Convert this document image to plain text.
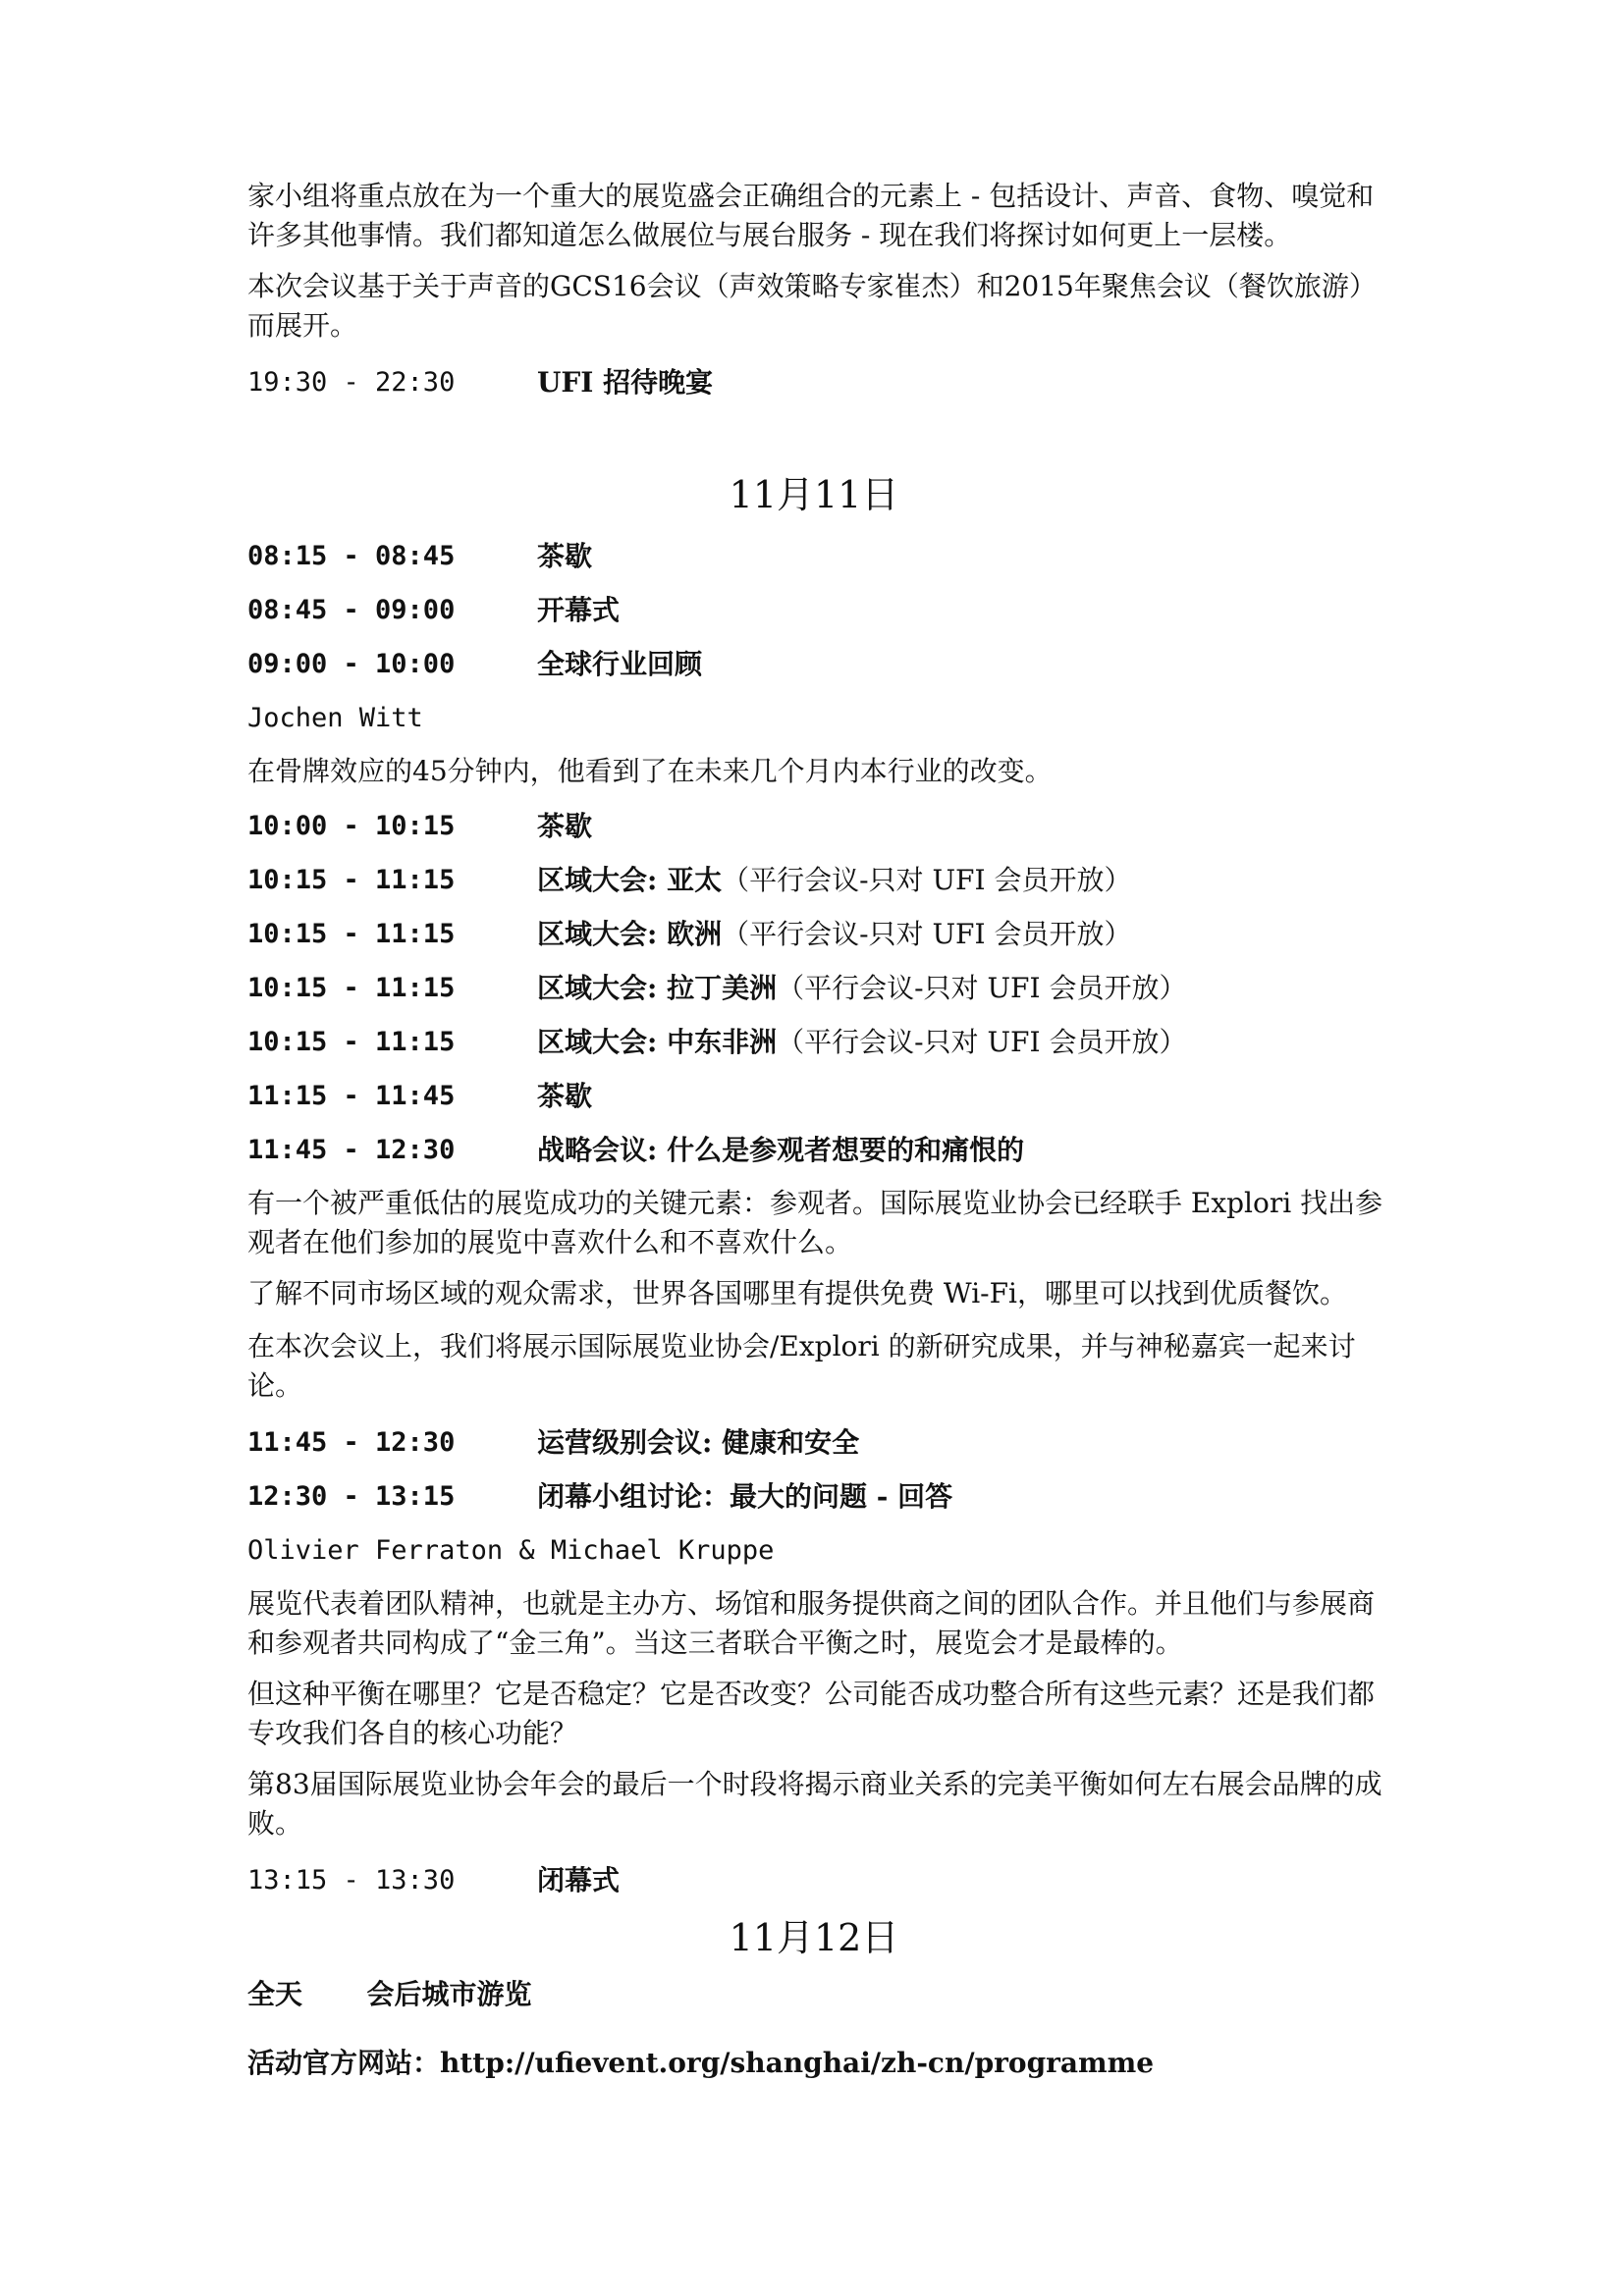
家小组将重点放在为一个重大的展览盛会正确组合的元素上 - 包括设计、声音、食物、嗅觉和许多其他事情。我们都知道怎么做展位与展台服务 - 现在我们将探讨如何更上一层楼。

本次会议基于关于声音的GCS16会议（声效策略专家崔杰）和2015年聚焦会议（餐饮旅游）而展开。

19:30 - 22:30	UFI 招待晚宴
11月11日
08:15 - 08:45	茶歇
08:45 - 09:00	开幕式
09:00 - 10:00	全球行业回顾

Jochen Witt

在骨牌效应的45分钟内，他看到了在未来几个月内本行业的改变。

10:00 - 10:15	茶歇
10:15 - 11:15	区域大会: 亚太（平行会议-只对 UFI 会员开放）
10:15 - 11:15	区域大会: 欧洲（平行会议-只对 UFI 会员开放）
10:15 - 11:15	区域大会: 拉丁美洲（平行会议-只对 UFI 会员开放）
10:15 - 11:15	区域大会: 中东非洲（平行会议-只对 UFI 会员开放）
11:15 - 11:45	茶歇
11:45 - 12:30	战略会议: 什么是参观者想要的和痛恨的

有一个被严重低估的展览成功的关键元素：参观者。国际展览业协会已经联手 Explori 找出参观者在他们参加的展览中喜欢什么和不喜欢什么。

了解不同市场区域的观众需求，世界各国哪里有提供免费 Wi-Fi，哪里可以找到优质餐饮。

在本次会议上，我们将展示国际展览业协会/Explori 的新研究成果，并与神秘嘉宾一起来讨论。

11:45 - 12:30	运营级别会议: 健康和安全
12:30 - 13:15	闭幕小组讨论：最大的问题 - 回答

Olivier Ferraton & Michael Kruppe

展览代表着团队精神，也就是主办方、场馆和服务提供商之间的团队合作。并且他们与参展商和参观者共同构成了“金三角”。当这三者联合平衡之时，展览会才是最棒的。

但这种平衡在哪里？它是否稳定？它是否改变？公司能否成功整合所有这些元素？还是我们都专攻我们各自的核心功能？

第83届国际展览业协会年会的最后一个时段将揭示商业关系的完美平衡如何左右展会品牌的成败。

13:15 - 13:30	闭幕式
11月12日
全天 会后城市游览
活动官方网站：http://ufievent.org/shanghai/zh-cn/programme
